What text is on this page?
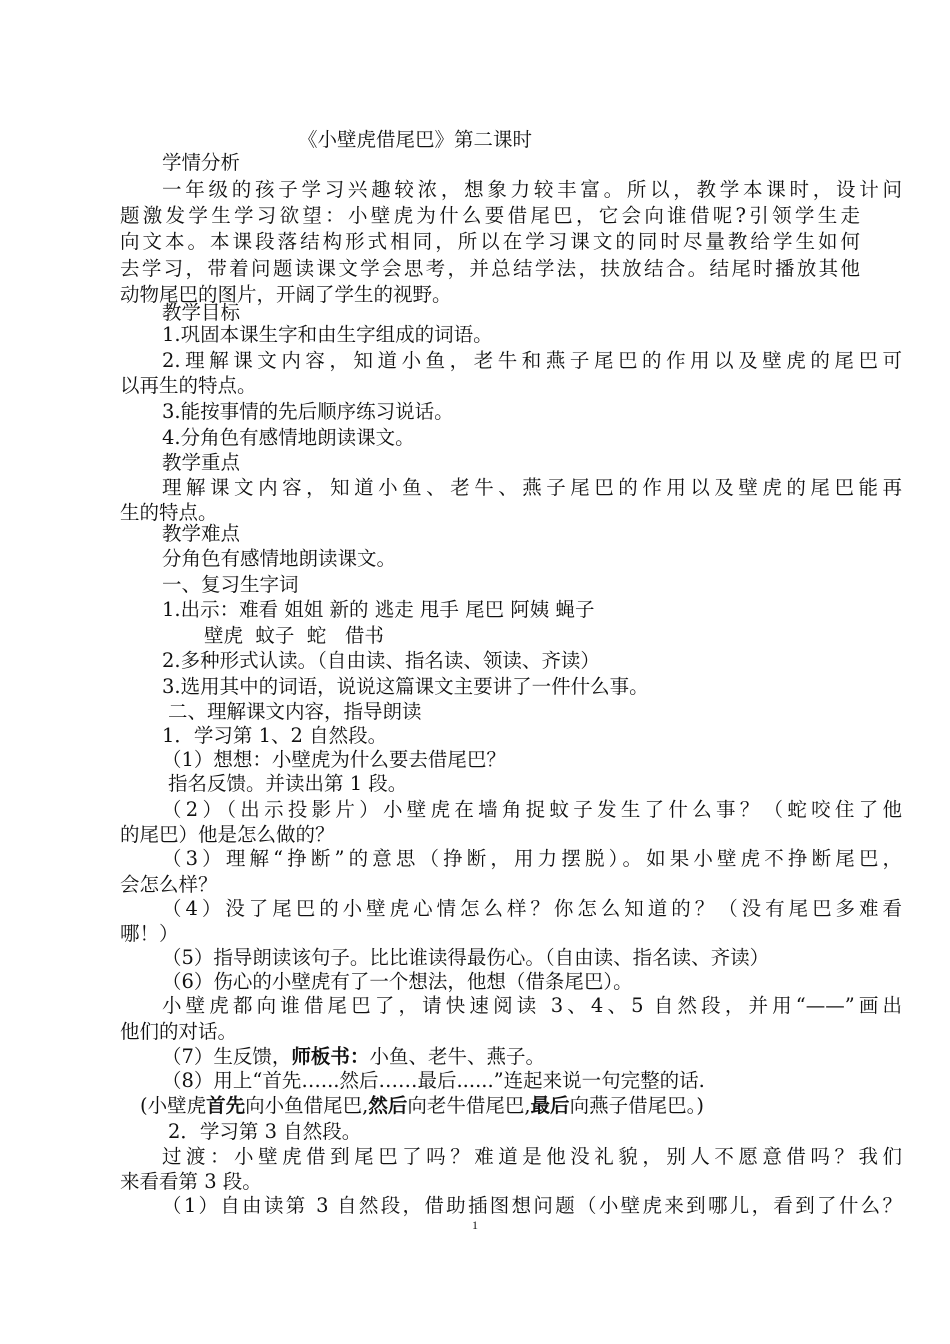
《小壁虎借尾巴》第二课时
学情分析
一年级的孩子学习兴趣较浓，想象力较丰富。所以，教学本课时，设计问
题激发学生学习欲望：小壁虎为什么要借尾巴，它会向谁借呢?引领学生走
向文本。本课段落结构形式相同，所以在学习课文的同时尽量教给学生如何
去学习，带着问题读课文学会思考，并总结学法，扶放结合。结尾时播放其他
动物尾巴的图片，开阔了学生的视野。
教学目标
1.巩固本课生字和由生字组成的词语。
2.理解课文内容，知道小鱼，老牛和燕子尾巴的作用以及壁虎的尾巴可
以再生的特点。
3.能按事情的先后顺序练习说话。
4.分角色有感情地朗读课文。
教学重点
理解课文内容，知道小鱼、老牛、燕子尾巴的作用以及壁虎的尾巴能再
生的特点。
教学难点
分角色有感情地朗读课文。
一、复习生字词
1.出示：难看 姐姐 新的 逃走 甩手 尾巴 阿姨 蝇子
壁虎  蚊子  蛇   借书
2.多种形式认读。（自由读、指名读、领读、齐读）
3.选用其中的词语，说说这篇课文主要讲了一件什么事。
二、理解课文内容，指导朗读
1．学习第 1、2 自然段。
（1）想想：小壁虎为什么要去借尾巴？
指名反馈。并读出第 1 段。
（2）（出示投影片）小壁虎在墙角捉蚊子发生了什么事？（蛇咬住了他
的尾巴）他是怎么做的？
（3）理解“挣断”的意思（挣断，用力摆脱）。如果小壁虎不挣断尾巴，
会怎么样？
（4）没了尾巴的小壁虎心情怎么样？你怎么知道的？（没有尾巴多难看
哪！）
（5）指导朗读该句子。比比谁读得最伤心。（自由读、指名读、齐读）
（6）伤心的小壁虎有了一个想法，他想（借条尾巴）。
小壁虎都向谁借尾巴了，请快速阅读 3、4、5 自然段，并用“——”画出
他们的对话。
（7）生反馈，师板书：小鱼、老牛、燕子。
（8）用上“首先…...然后……最后......”连起来说一句完整的话.
(小壁虎首先向小鱼借尾巴,然后向老牛借尾巴,最后向燕子借尾巴。)
2．学习第 3 自然段。
过渡：小壁虎借到尾巴了吗？难道是他没礼貌，别人不愿意借吗？我们
来看看第 3 段。
（1）自由读第 3 自然段，借助插图想问题（小壁虎来到哪儿，看到了什么？
1
